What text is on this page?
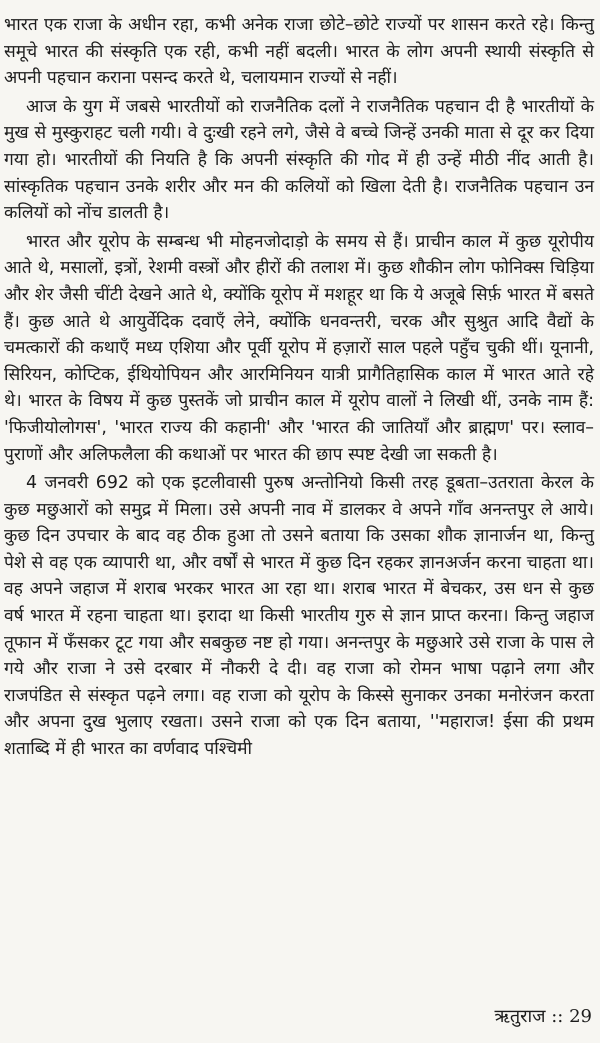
भारत एक राजा के अधीन रहा, कभी अनेक राजा छोटे–छोटे राज्यों पर शासन करते रहे। किन्तु समूचे भारत की संस्कृति एक रही, कभी नहीं बदली। भारत के लोग अपनी स्थायी संस्कृति से अपनी पहचान कराना पसन्द करते थे, चलायमान राज्यों से नहीं।

आज के युग में जबसे भारतीयों को राजनैतिक दलों ने राजनैतिक पहचान दी है भारतीयों के मुख से मुस्कुराहट चली गयी। वे दुःखी रहने लगे, जैसे वे बच्चे जिन्हें उनकी माता से दूर कर दिया गया हो। भारतीयों की नियति है कि अपनी संस्कृति की गोद में ही उन्हें मीठी नींद आती है। सांस्कृतिक पहचान उनके शरीर और मन की कलियों को खिला देती है। राजनैतिक पहचान उन कलियों को नोंच डालती है।

भारत और यूरोप के सम्बन्ध भी मोहनजोदाड़ो के समय से हैं। प्राचीन काल में कुछ यूरोपीय आते थे, मसालों, इत्रों, रेशमी वस्त्रों और हीरों की तलाश में। कुछ शौकीन लोग फोनिक्स चिड़िया और शेर जैसी चींटी देखने आते थे, क्योंकि यूरोप में मशहूर था कि ये अजूबे सिर्फ़ भारत में बसते हैं। कुछ आते थे आयुर्वेदिक दवाएँ लेने, क्योंकि धनवन्तरी, चरक और सुश्रुत आदि वैद्यों के चमत्कारों की कथाएँ मध्य एशिया और पूर्वी यूरोप में हज़ारों साल पहले पहुँच चुकी थीं। यूनानी, सिरियन, कोप्टिक, ईथियोपियन और आरमिनियन यात्री प्रागैतिहासिक काल में भारत आते रहे थे। भारत के विषय में कुछ पुस्तकें जो प्राचीन काल में यूरोप वालों ने लिखी थीं, उनके नाम हैं: 'फिजीयोलोगस', 'भारत राज्य की कहानी' और 'भारत की जातियाँ और ब्राह्मण' पर। स्लाव–पुराणों और अलिफलैला की कथाओं पर भारत की छाप स्पष्ट देखी जा सकती है।

4 जनवरी 692 को एक इटलीवासी पुरुष अन्तोनियो किसी तरह डूबता–उतराता केरल के कुछ मछुआरों को समुद्र में मिला। उसे अपनी नाव में डालकर वे अपने गाँव अनन्तपुर ले आये। कुछ दिन उपचार के बाद वह ठीक हुआ तो उसने बताया कि उसका शौक ज्ञानार्जन था, किन्तु पेशे से वह एक व्यापारी था, और वर्षों से भारत में कुछ दिन रहकर ज्ञानअर्जन करना चाहता था। वह अपने जहाज में शराब भरकर भारत आ रहा था। शराब भारत में बेचकर, उस धन से कुछ वर्ष भारत में रहना चाहता था। इरादा था किसी भारतीय गुरु से ज्ञान प्राप्त करना। किन्तु जहाज तूफान में फँसकर टूट गया और सबकुछ नष्ट हो गया। अनन्तपुर के मछुआरे उसे राजा के पास ले गये और राजा ने उसे दरबार में नौकरी दे दी। वह राजा को रोमन भाषा पढ़ाने लगा और राजपंडित से संस्कृत पढ़ने लगा। वह राजा को यूरोप के किस्से सुनाकर उनका मनोरंजन करता और अपना दुख भुलाए रखता। उसने राजा को एक दिन बताया, ''महाराज! ईसा की प्रथम शताब्दि में ही भारत का वर्णवाद पश्चिमी

ऋतुराज :: 29
